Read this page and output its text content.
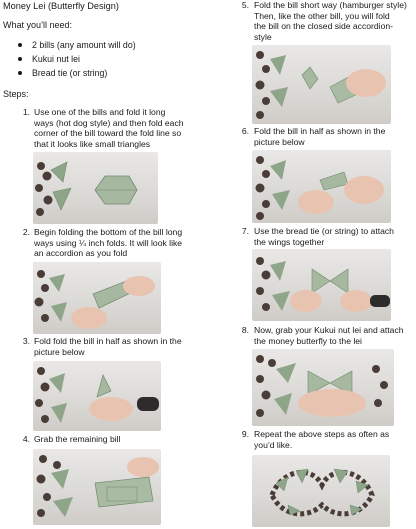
Money Lei (Butterfly Design)
What you’ll need:
2 bills (any amount will do)
Kukui nut lei
Bread tie (or string)
Steps:
1. Use one of the bills and fold it long
ways (hot dog style) and then fold each
corner of the bill toward the fold line so
that it looks like small triangles
2. Begin folding the bottom of the bill long
ways using ¼ inch folds. It will look like
an accordion as you fold
3. Fold fold the bill in half as shown in the
picture below
4. Grab the remaining bill
5. Fold the bill short way (hamburger style)
Then, like the other bill, you will fold
the bill on the closed side accordion-
style
6. Fold the bill in half as shown in the
picture below
7. Use the bread tie (or string) to attach
the wings together
8. Now, grab your Kukui nut lei and attach
the money butterfly to the lei
9. Repeat the above steps as often as
you’d like.
